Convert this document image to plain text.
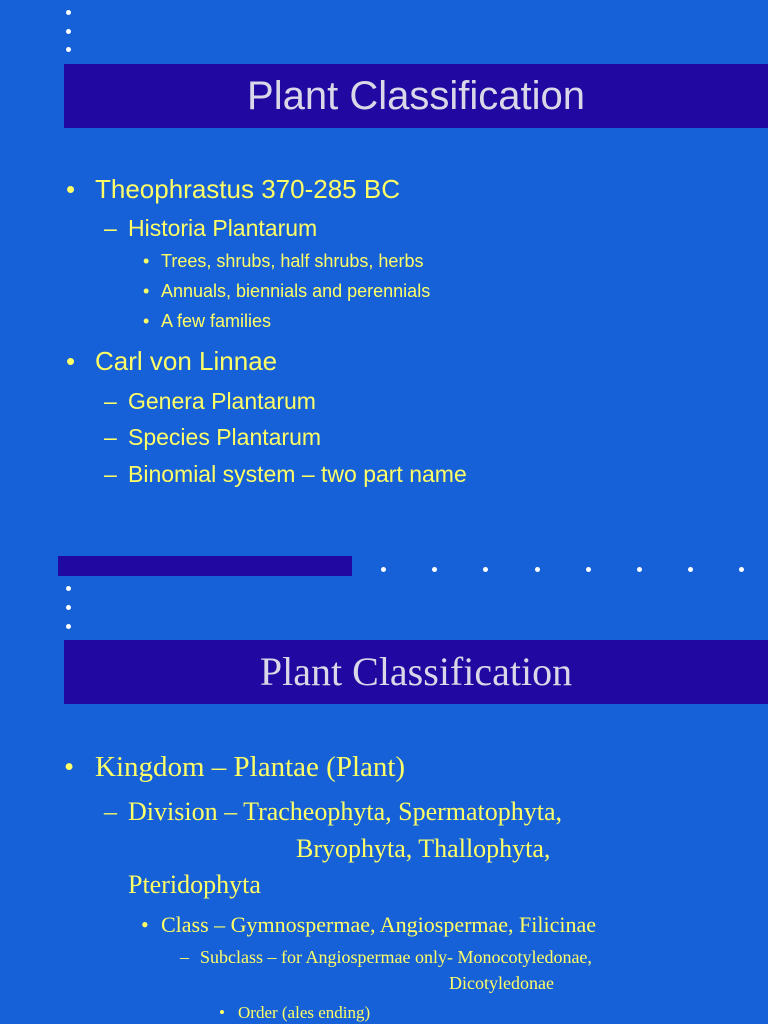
Plant Classification
• Theophrastus 370-285 BC
– Historia Plantarum
• Trees, shrubs, half shrubs, herbs
• Annuals, biennials and perennials
• A few families
• Carl von Linnae
– Genera Plantarum
– Species Plantarum
– Binomial system – two part name
Plant Classification
• Kingdom – Plantae (Plant)
– Division – Tracheophyta, Spermatophyta,
Bryophyta, Thallophyta,
Pteridophyta
• Class – Gymnospermae, Angiospermae, Filicinae
– Subclass – for Angiospermae only- Monocotyledonae,
Dicotyledonae
• Order (ales ending)
